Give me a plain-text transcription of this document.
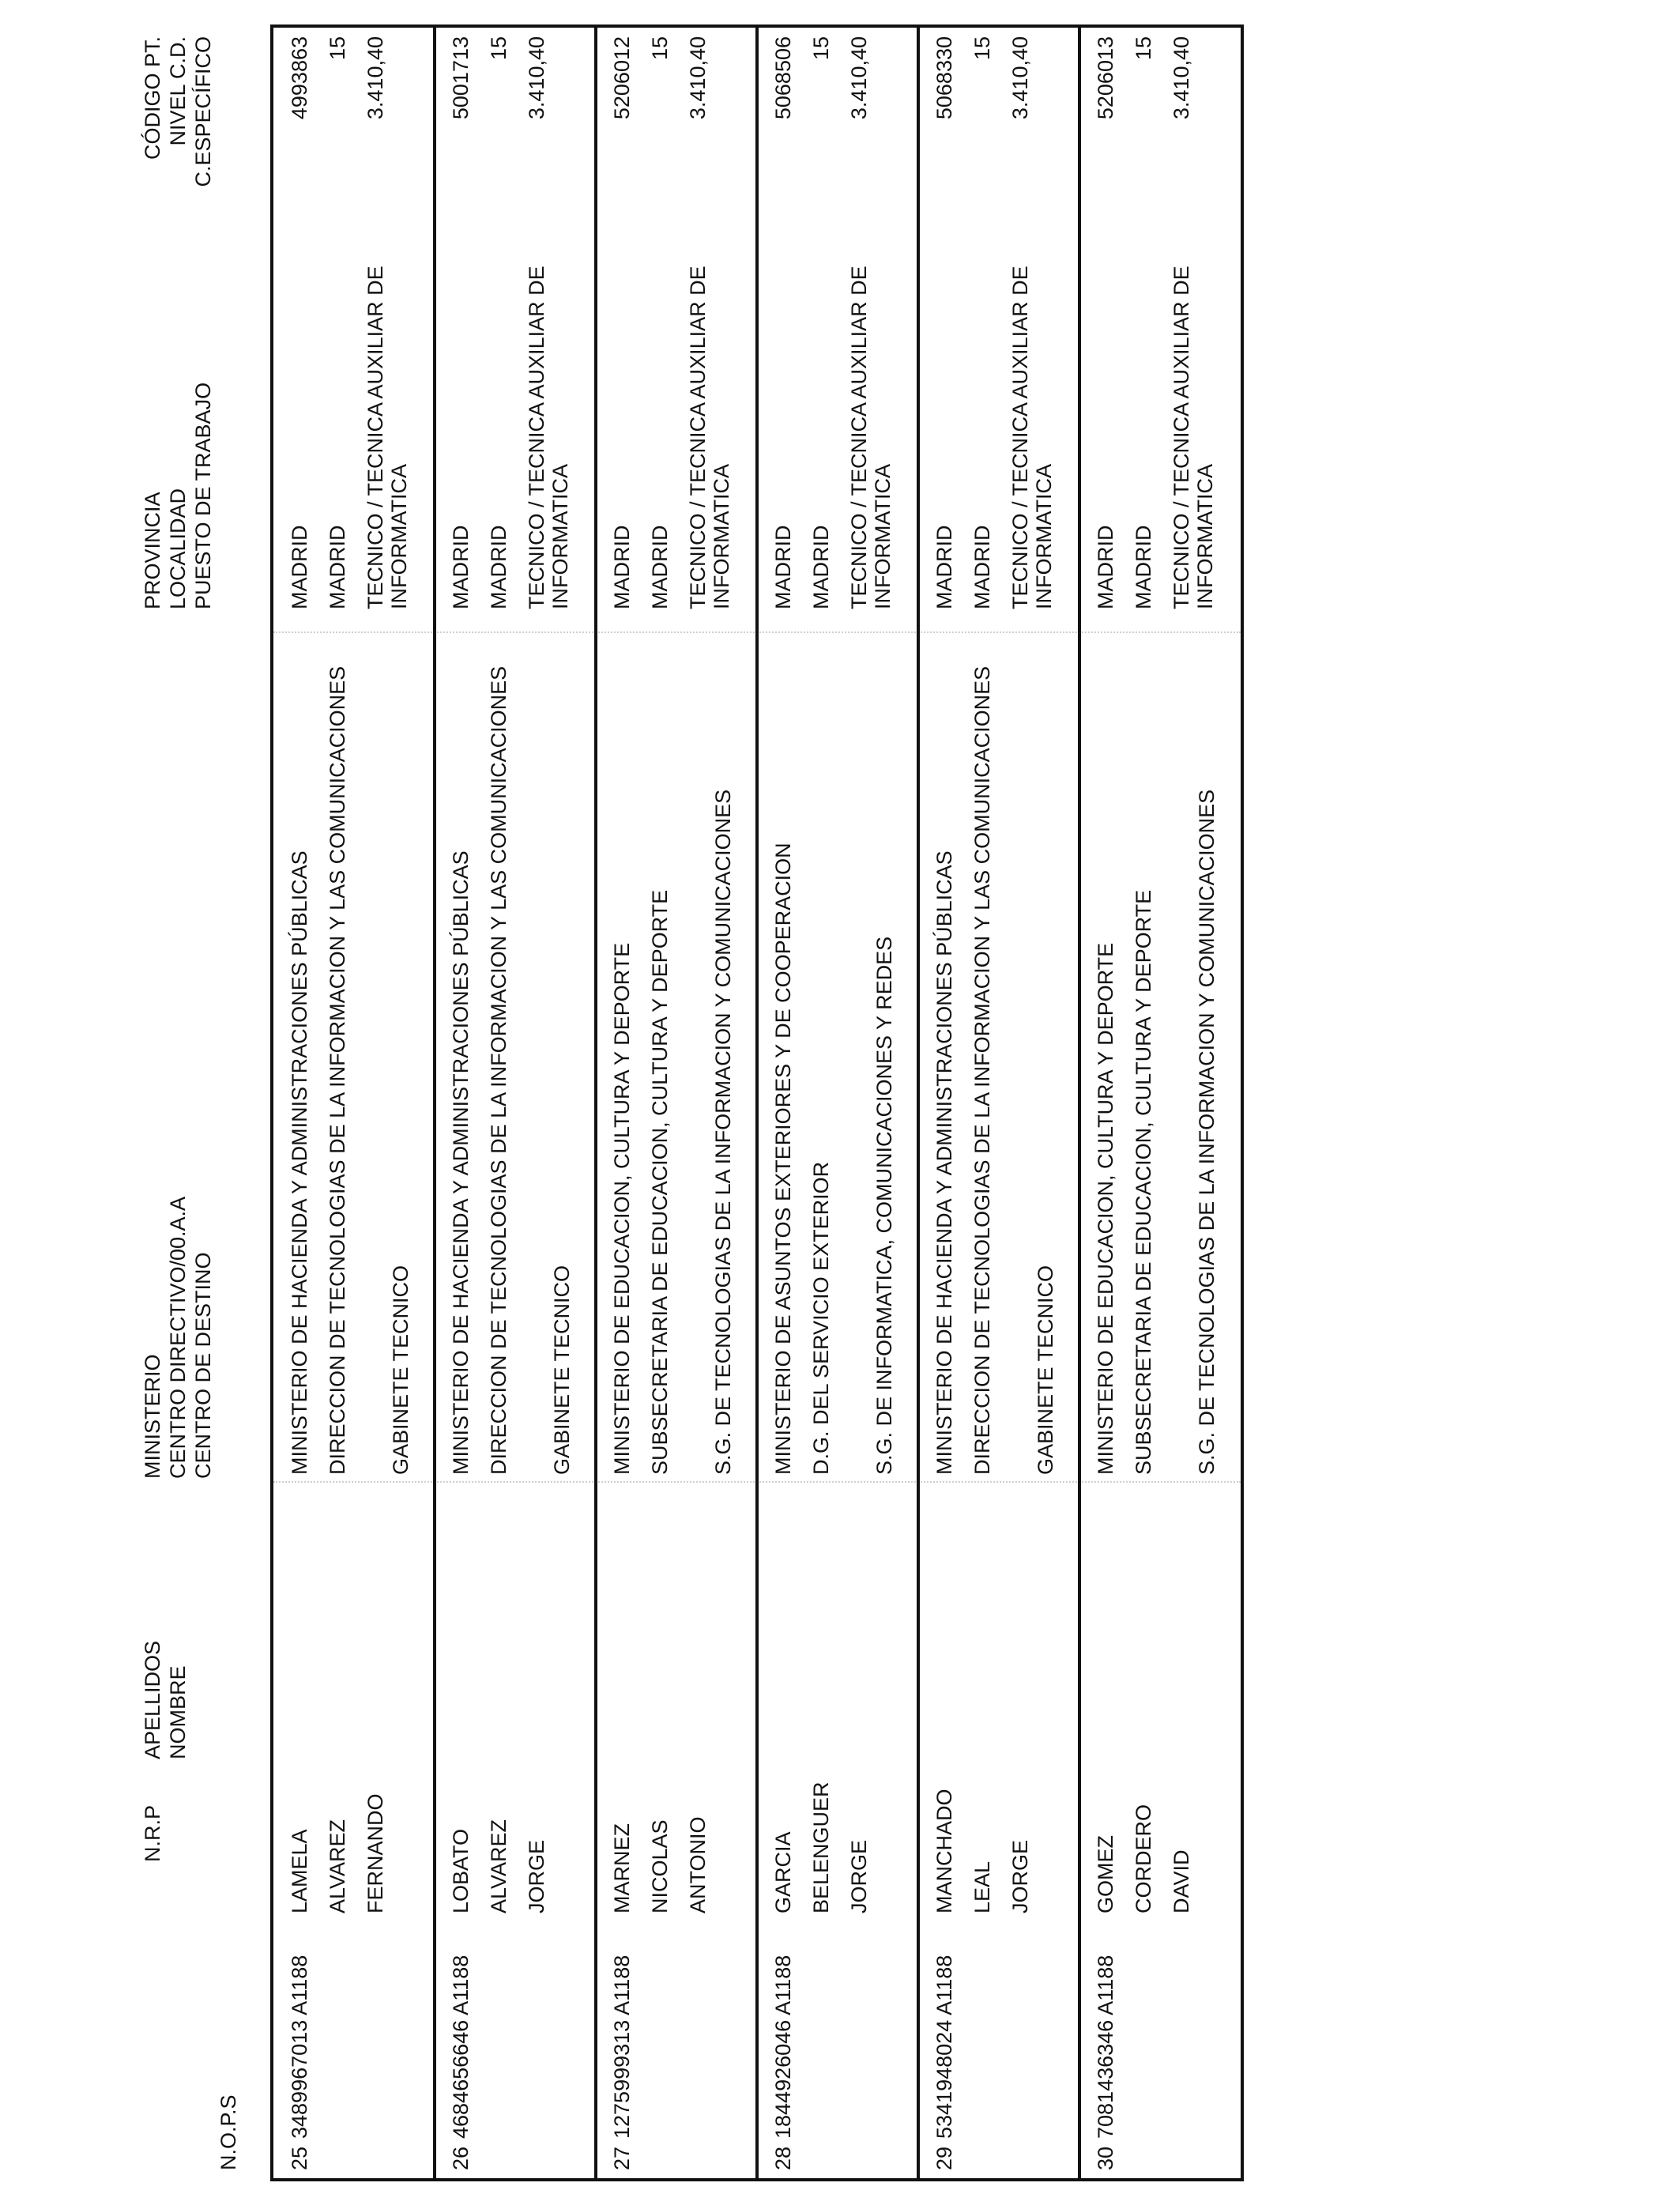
N.O.P.S
N.R.P
APELLIDOS NOMBRE
MINISTERIO CENTRO DIRECTIVO/00.A.A CENTRO DE DESTINO
PROVINCIA LOCALIDAD PUESTO DE TRABAJO
CÓDIGO PT. NIVEL C.D. C.ESPECÍFICO
25
3489967013 A1188
LAMELA ALVAREZ FERNANDO
MINISTERIO DE HACIENDA Y ADMINISTRACIONES PÚBLICAS DIRECCION DE TECNOLOGIAS DE LA INFORMACION Y LAS COMUNICACIONES GABINETE TECNICO
MADRID MADRID TECNICO / TECNICA AUXILIAR DE INFORMATICA
4993863 15 3.410,40
26
4684656646 A1188
LOBATO ALVAREZ JORGE
MINISTERIO DE HACIENDA Y ADMINISTRACIONES PÚBLICAS DIRECCION DE TECNOLOGIAS DE LA INFORMACION Y LAS COMUNICACIONES GABINETE TECNICO
MADRID MADRID TECNICO / TECNICA AUXILIAR DE INFORMATICA
5001713 15 3.410,40
27
1275999313 A1188
MARNEZ NICOLAS ANTONIO
MINISTERIO DE EDUCACION, CULTURA Y DEPORTE SUBSECRETARIA DE EDUCACION, CULTURA Y DEPORTE S.G. DE TECNOLOGIAS DE LA INFORMACION Y COMUNICACIONES
MADRID MADRID TECNICO / TECNICA AUXILIAR DE INFORMATICA
5206012 15 3.410,40
28
1844926046 A1188
GARCIA BELENGUER JORGE
MINISTERIO DE ASUNTOS EXTERIORES Y DE COOPERACION D.G. DEL SERVICIO EXTERIOR S.G. DE INFORMATICA, COMUNICACIONES Y REDES
MADRID MADRID TECNICO / TECNICA AUXILIAR DE INFORMATICA
5068506 15 3.410,40
29
5341948024 A1188
MANCHADO LEAL JORGE
MINISTERIO DE HACIENDA Y ADMINISTRACIONES PÚBLICAS DIRECCION DE TECNOLOGIAS DE LA INFORMACION Y LAS COMUNICACIONES GABINETE TECNICO
MADRID MADRID TECNICO / TECNICA AUXILIAR DE INFORMATICA
5068330 15 3.410,40
30
7081436346 A1188
GOMEZ CORDERO DAVID
MINISTERIO DE EDUCACION, CULTURA Y DEPORTE SUBSECRETARIA DE EDUCACION, CULTURA Y DEPORTE S.G. DE TECNOLOGIAS DE LA INFORMACION Y COMUNICACIONES
MADRID MADRID TECNICO / TECNICA AUXILIAR DE INFORMATICA
5206013 15 3.410,40
